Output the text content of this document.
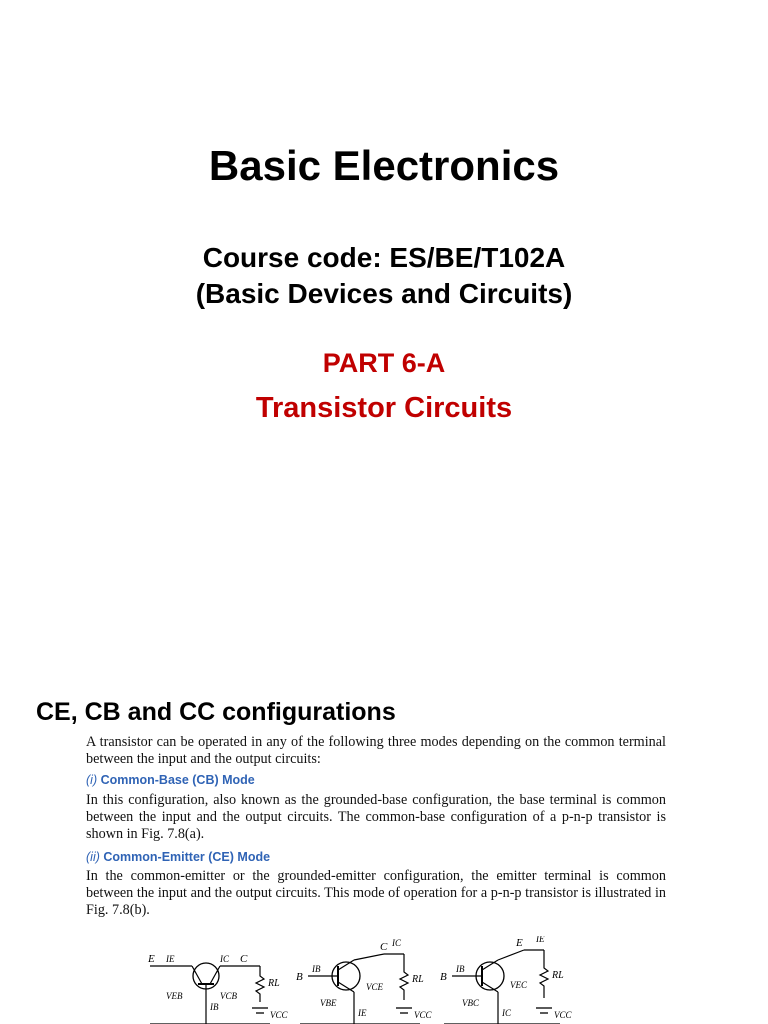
Basic Electronics
Course code: ES/BE/T102A
(Basic Devices and Circuits)
PART 6-A
Transistor Circuits
CE, CB and CC configurations
A transistor can be operated in any of the following three modes depending on the common terminal between the input and the output circuits:
(i) Common-Base (CB) Mode
In this configuration, also known as the grounded-base configuration, the base terminal is common between the input and the output circuits. The common-base configuration of a p-n-p transistor is shown in Fig. 7.8(a).
(ii) Common-Emitter (CE) Mode
In the common-emitter or the grounded-emitter configuration, the emitter terminal is common between the input and the output circuits. This mode of operation for a p-n-p transistor is illustrated in Fig. 7.8(b).
E IE	IC C
VEB	VCB
IB
RL
VCC
C IC
B
IB
VBE
VCE
IE
RL
VCC
E IE
B
IB
VBC
VEC
IC
RL
VCC
